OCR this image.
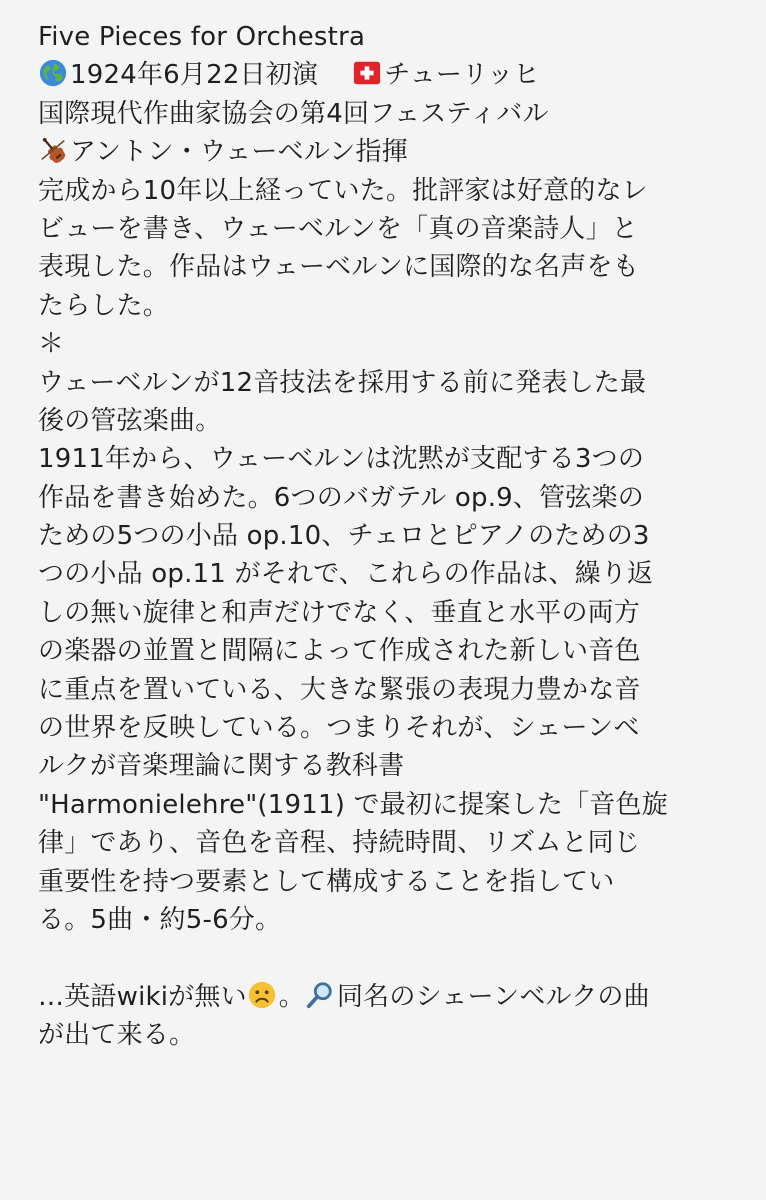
Five Pieces for Orchestra
1924年6月22日初演	チューリッヒ
国際現代作曲家協会の第4回フェスティバル
アントン・ウェーベルン指揮
完成から10年以上経っていた。批評家は好意的なレ
ビューを書き、ウェーベルンを「真の音楽詩人」と
表現した。作品はウェーベルンに国際的な名声をも
たらした。
＊
ウェーベルンが12音技法を採用する前に発表した最
後の管弦楽曲。
1911年から、ウェーベルンは沈黙が支配する3つの
作品を書き始めた。6つのバガテル op.9、管弦楽の
ための5つの小品 op.10、チェロとピアノのための3
つの小品 op.11 がそれで、これらの作品は、繰り返
しの無い旋律と和声だけでなく、垂直と水平の両方
の楽器の並置と間隔によって作成された新しい音色
に重点を置いている、大きな緊張の表現力豊かな音
の世界を反映している。つまりそれが、シェーンベ
ルクが音楽理論に関する教科書
"Harmonielehre"(1911) で最初に提案した「音色旋
律」であり、音色を音程、持続時間、リズムと同じ
重要性を持つ要素として構成することを指してい
る。5曲・約5-6分。
…英語wikiが無い 。 同名のシェーンベルクの曲
が出て来る。
